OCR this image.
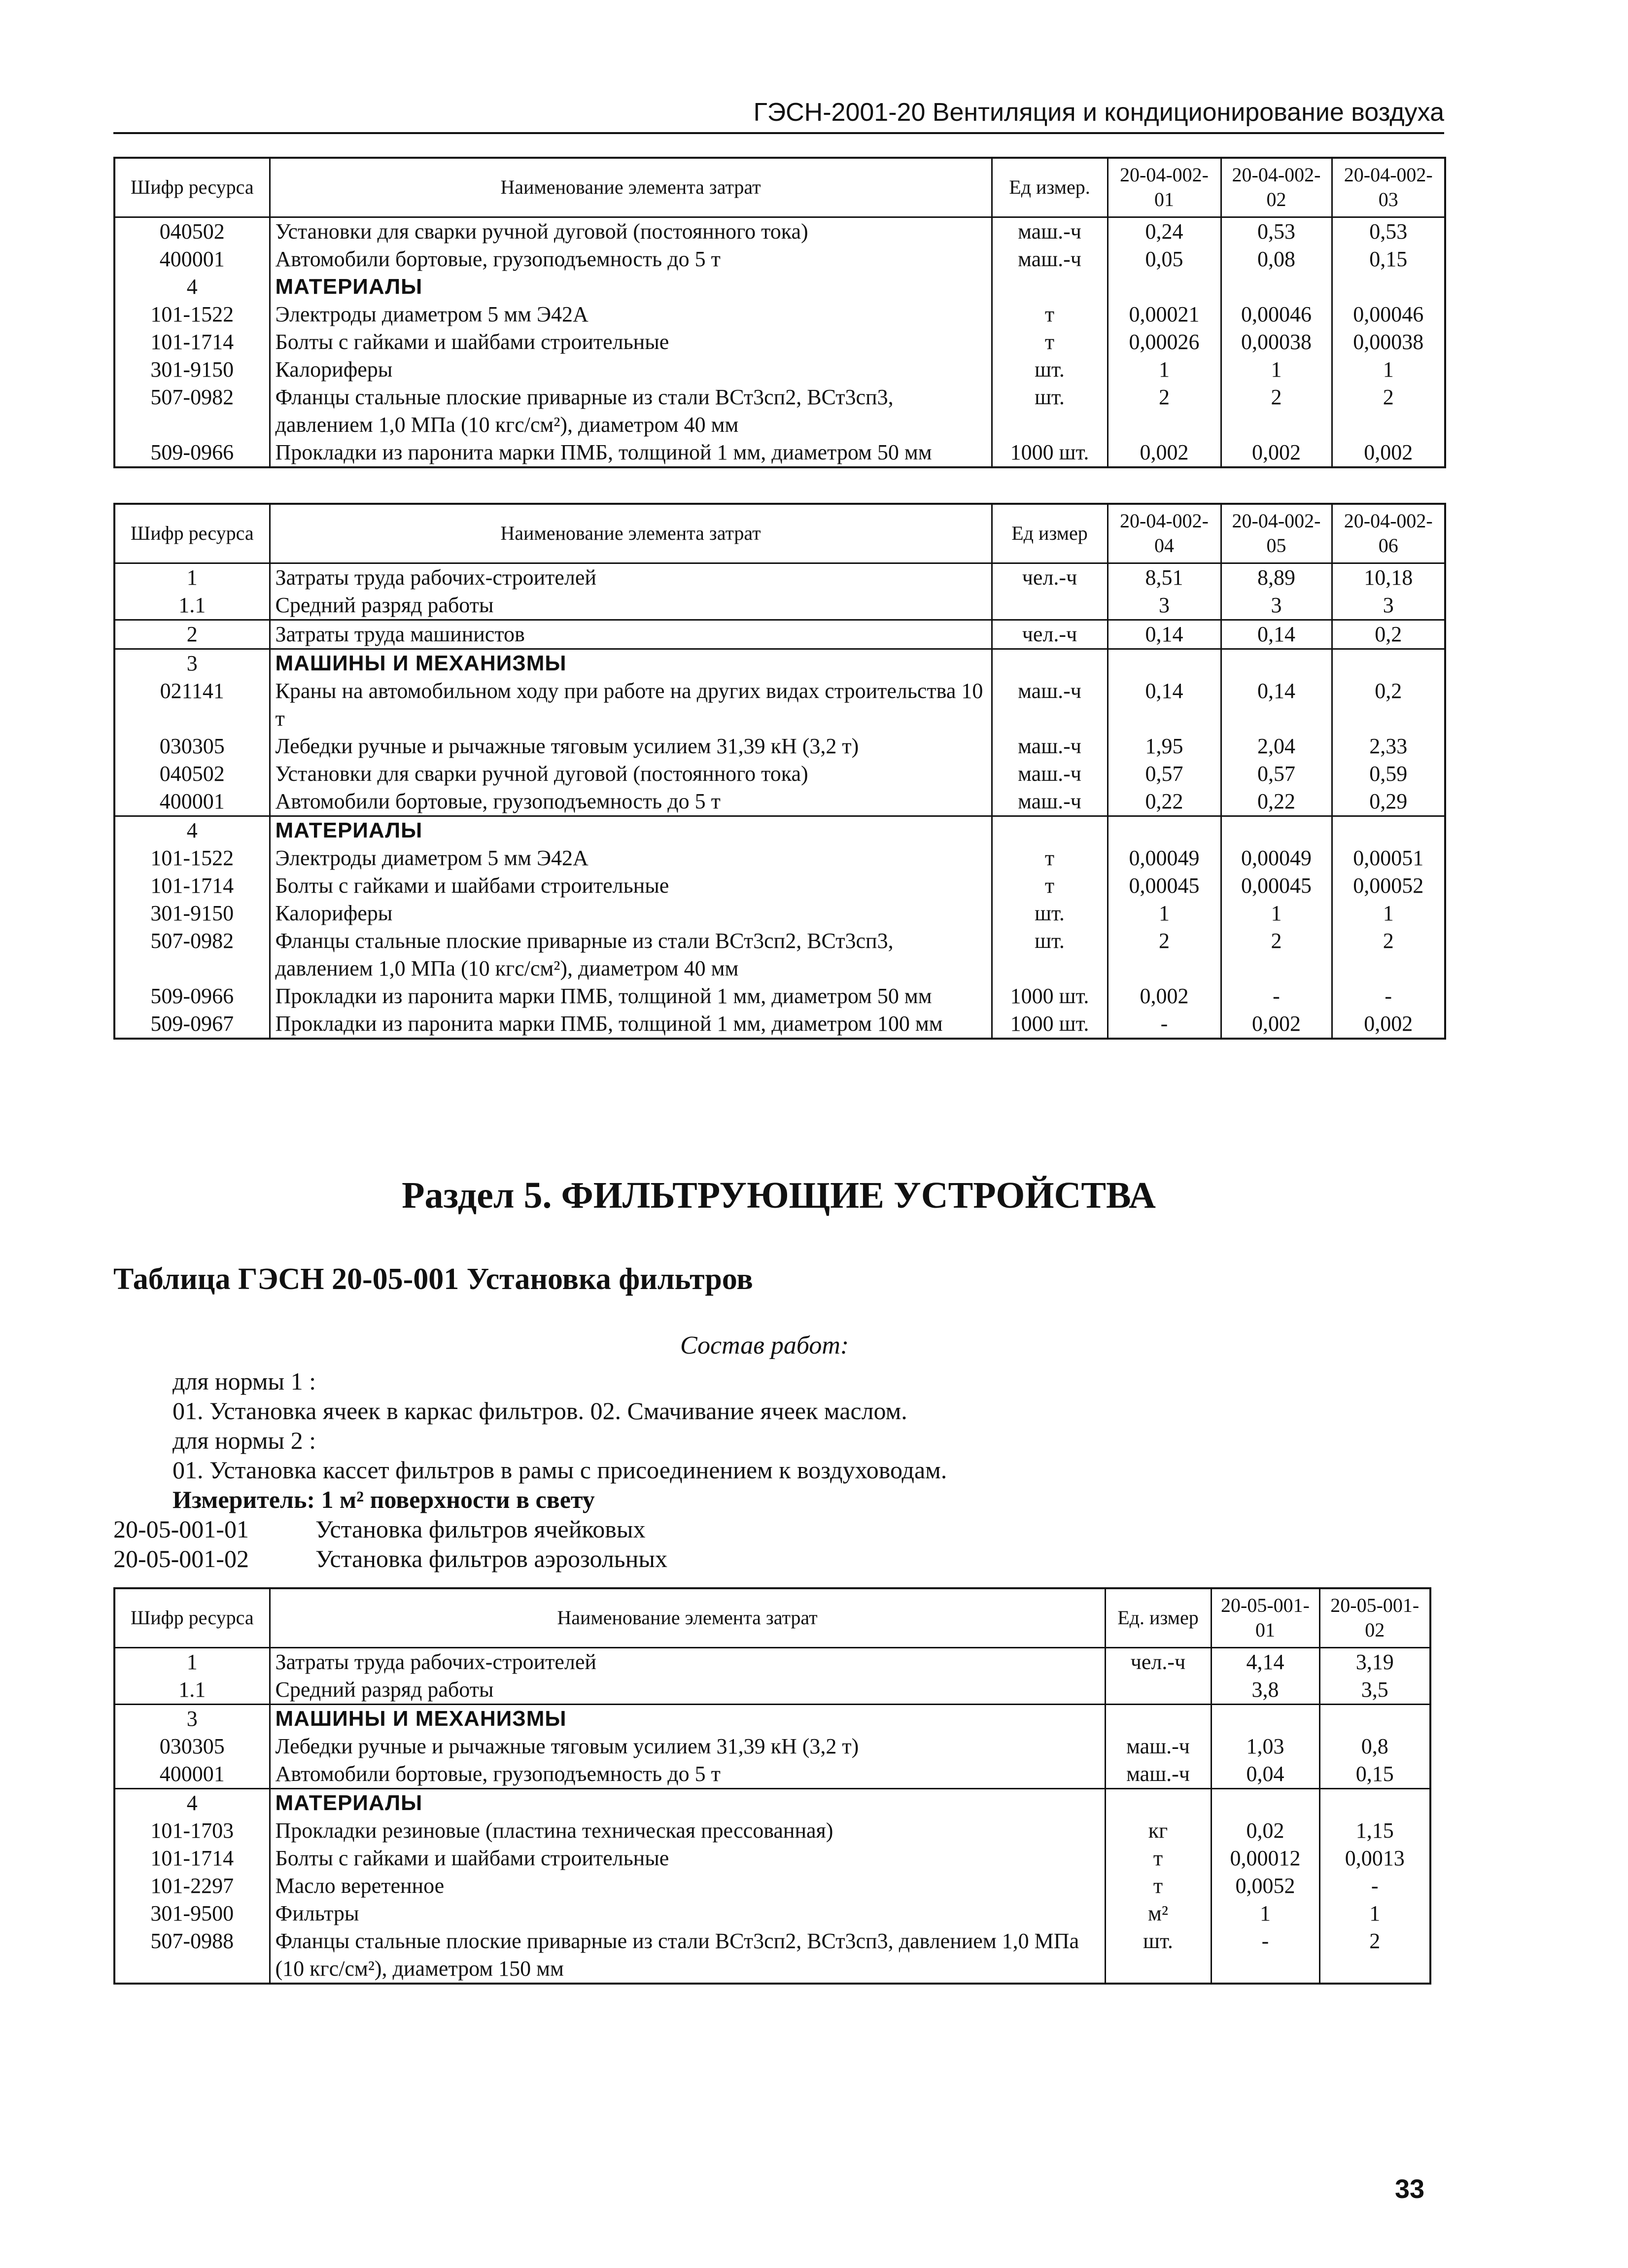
ГЭСН-2001-20 Вентиляция и кондиционирование воздуха
Шифр ресурса	Наименование элемента затрат	Ед измер.	20-04-002-01	20-04-002-02	20-04-002-03
040502	Установки для сварки ручной дуговой (постоянного тока)	маш.-ч	0,24	0,53	0,53
400001	Автомобили бортовые, грузоподъемность до 5 т	маш.-ч	0,05	0,08	0,15
4	МАТЕРИАЛЫ				
101-1522	Электроды диаметром 5 мм Э42А	т	0,00021	0,00046	0,00046
101-1714	Болты с гайками и шайбами строительные	т	0,00026	0,00038	0,00038
301-9150	Калориферы	шт.	1	1	1
507-0982	Фланцы стальные плоские приварные из стали ВСт3сп2, ВСт3сп3, давлением 1,0 МПа (10 кгс/см²), диаметром 40 мм	шт.	2	2	2
509-0966	Прокладки из паронита марки ПМБ, толщиной 1 мм, диаметром 50 мм	1000 шт.	0,002	0,002	0,002
Шифр ресурса	Наименование элемента затрат	Ед измер	20-04-002-04	20-04-002-05	20-04-002-06
1	Затраты труда рабочих-строителей	чел.-ч	8,51	8,89	10,18
1.1	Средний разряд работы		3	3	3
2	Затраты труда машинистов	чел.-ч	0,14	0,14	0,2
3	МАШИНЫ И МЕХАНИЗМЫ				
021141	Краны на автомобильном ходу при работе на других видах строительства 10 т	маш.-ч	0,14	0,14	0,2
030305	Лебедки ручные и рычажные тяговым усилием 31,39 кН (3,2 т)	маш.-ч	1,95	2,04	2,33
040502	Установки для сварки ручной дуговой (постоянного тока)	маш.-ч	0,57	0,57	0,59
400001	Автомобили бортовые, грузоподъемность до 5 т	маш.-ч	0,22	0,22	0,29
4	МАТЕРИАЛЫ				
101-1522	Электроды диаметром 5 мм Э42А	т	0,00049	0,00049	0,00051
101-1714	Болты с гайками и шайбами строительные	т	0,00045	0,00045	0,00052
301-9150	Калориферы	шт.	1	1	1
507-0982	Фланцы стальные плоские приварные из стали ВСт3сп2, ВСт3сп3, давлением 1,0 МПа (10 кгс/см²), диаметром 40 мм	шт.	2	2	2
509-0966	Прокладки из паронита марки ПМБ, толщиной 1 мм, диаметром 50 мм	1000 шт.	0,002	-	-
509-0967	Прокладки из паронита марки ПМБ, толщиной 1 мм, диаметром 100 мм	1000 шт.	-	0,002	0,002
Раздел 5. ФИЛЬТРУЮЩИЕ УСТРОЙСТВА
Таблица ГЭСН 20-05-001 Установка фильтров
Состав работ:
для нормы 1 :
01. Установка ячеек в каркас фильтров. 02. Смачивание ячеек маслом.
для нормы 2 :
01. Установка кассет фильтров в рамы с присоединением к воздуховодам.
Измеритель: 1 м² поверхности в свету
20-05-001-01	Установка фильтров ячейковых
20-05-001-02	Установка фильтров аэрозольных
Шифр ресурса	Наименование элемента затрат	Ед. измер	20-05-001-01	20-05-001-02
1	Затраты труда рабочих-строителей	чел.-ч	4,14	3,19
1.1	Средний разряд работы		3,8	3,5
3	МАШИНЫ И МЕХАНИЗМЫ			
030305	Лебедки ручные и рычажные тяговым усилием 31,39 кН (3,2 т)	маш.-ч	1,03	0,8
400001	Автомобили бортовые, грузоподъемность до 5 т	маш.-ч	0,04	0,15
4	МАТЕРИАЛЫ			
101-1703	Прокладки резиновые (пластина техническая прессованная)	кг	0,02	1,15
101-1714	Болты с гайками и шайбами строительные	т	0,00012	0,0013
101-2297	Масло веретенное	т	0,0052	-
301-9500	Фильтры	м²	1	1
507-0988	Фланцы стальные плоские приварные из стали ВСт3сп2, ВСт3сп3, давлением 1,0 МПа (10 кгс/см²), диаметром 150 мм	шт.	-	2
33
